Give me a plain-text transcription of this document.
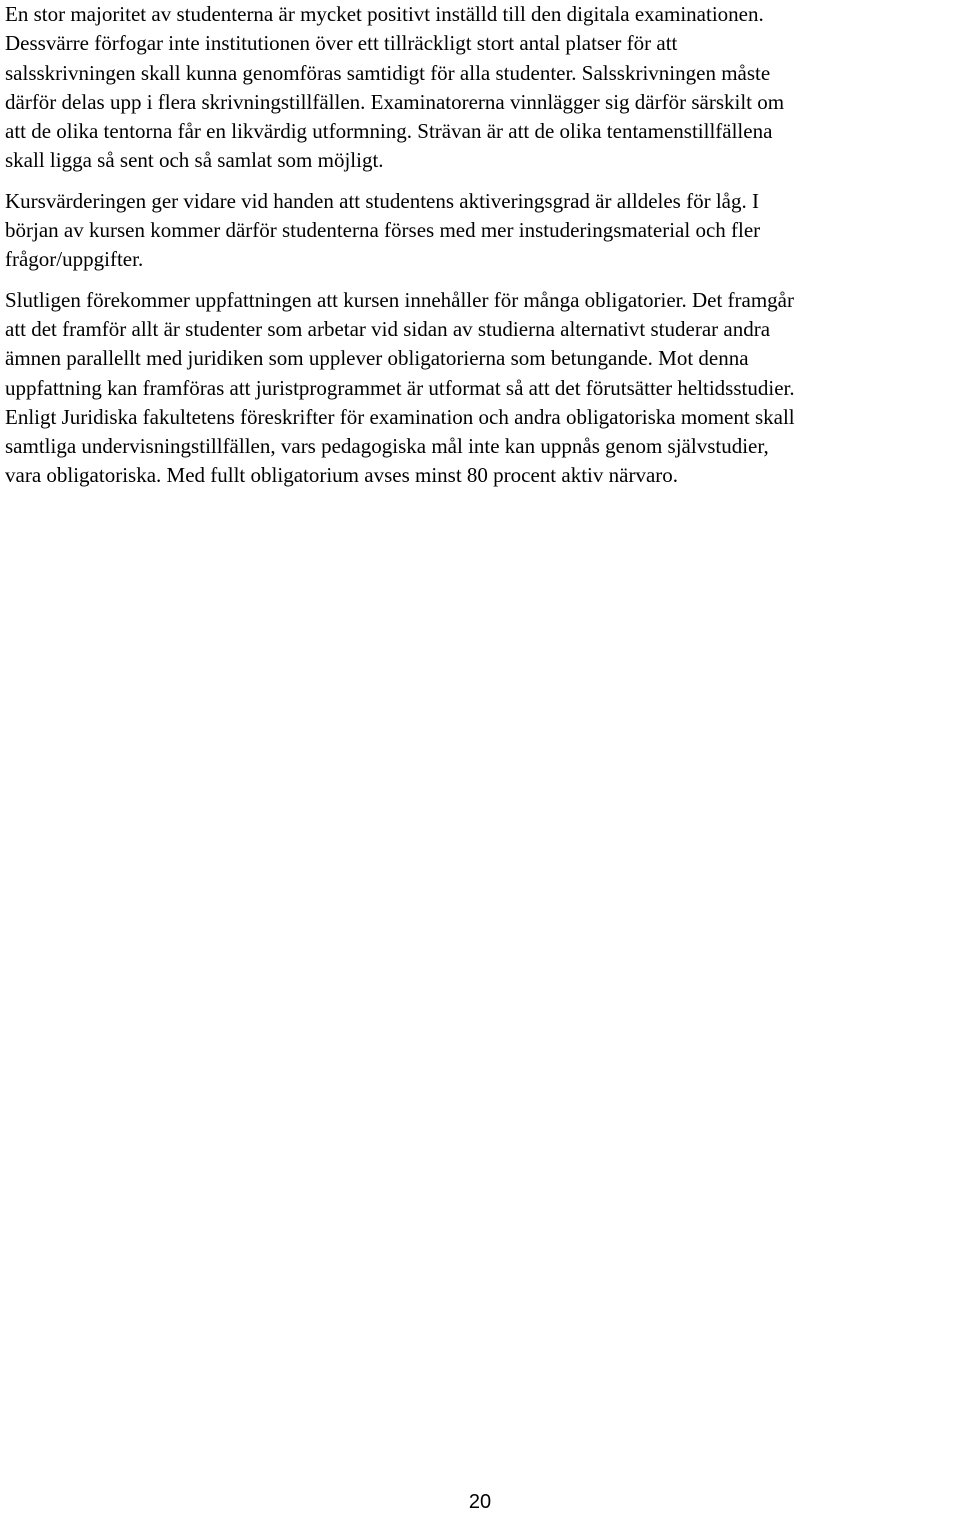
En stor majoritet av studenterna är mycket positivt inställd till den digitala examinationen.
Dessvärre förfogar inte institutionen över ett tillräckligt stort antal platser för att
salsskrivningen skall kunna genomföras samtidigt för alla studenter. Salsskrivningen måste
därför delas upp i flera skrivningstillfällen. Examinatorerna vinnlägger sig därför särskilt om
att de olika tentorna får en likvärdig utformning. Strävan är att de olika tentamenstillfällena
skall ligga så sent och så samlat som möjligt.

Kursvärderingen ger vidare vid handen att studentens aktiveringsgrad är alldeles för låg. I
början av kursen kommer därför studenterna förses med mer instuderingsmaterial och fler
frågor/uppgifter.

Slutligen förekommer uppfattningen att kursen innehåller för många obligatorier. Det framgår
att det framför allt är studenter som arbetar vid sidan av studierna alternativt studerar andra
ämnen parallellt med juridiken som upplever obligatorierna som betungande. Mot denna
uppfattning kan framföras att juristprogrammet är utformat så att det förutsätter heltidsstudier.
Enligt Juridiska fakultetens föreskrifter för examination och andra obligatoriska moment skall
samtliga undervisningstillfällen, vars pedagogiska mål inte kan uppnås genom självstudier,
vara obligatoriska. Med fullt obligatorium avses minst 80 procent aktiv närvaro.

20
